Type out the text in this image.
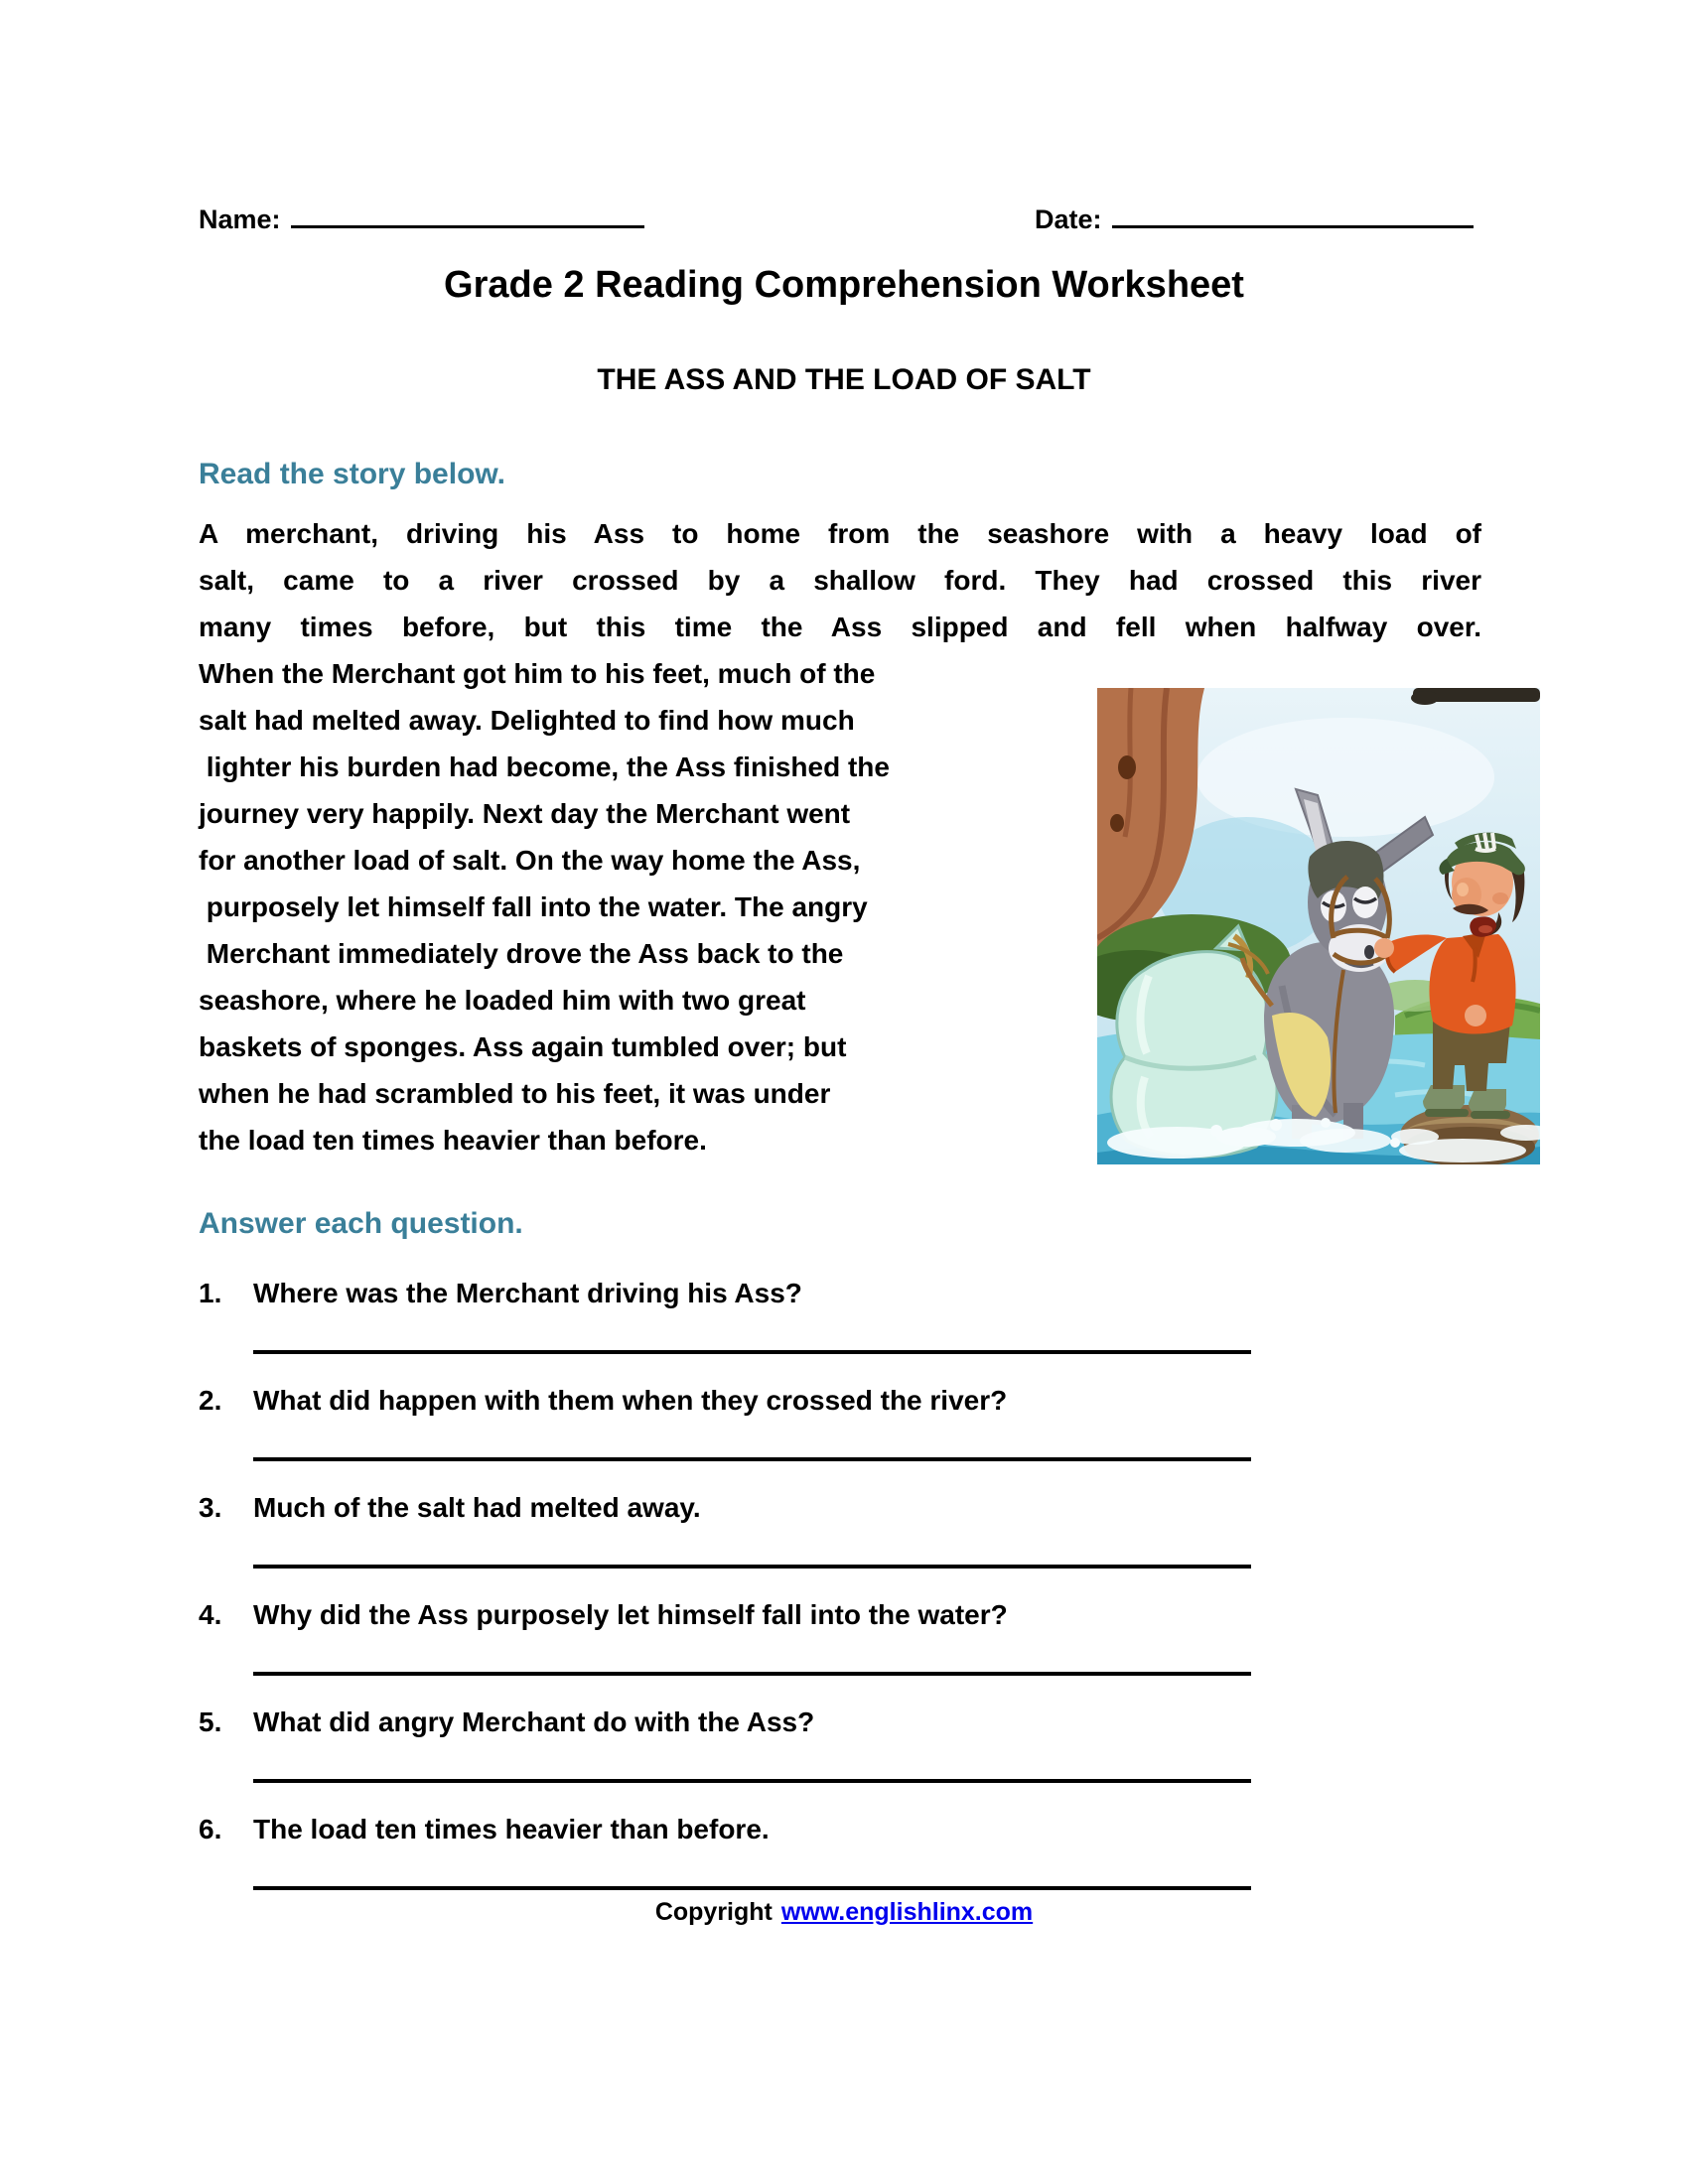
Name:	Date:
Grade 2 Reading Comprehension Worksheet
THE ASS AND THE LOAD OF SALT
Read the story below.
A merchant, driving his Ass to home from the seashore with a heavy load of
salt, came to a river crossed by a shallow ford. They had crossed this river
many times before, but this time the Ass slipped and fell when halfway over.
When the Merchant got him to his feet, much of the
salt had melted away. Delighted to find how much
lighter his burden had become, the Ass finished the
journey very happily. Next day the Merchant went
for another load of salt. On the way home the Ass,
purposely let himself fall into the water. The angry
Merchant immediately drove the Ass back to the
seashore, where he loaded him with two great
baskets of sponges. Ass again tumbled over; but
when he had scrambled to his feet, it was under
the load ten times heavier than before.
Answer each question.
1. Where was the Merchant driving his Ass?
2. What did happen with them when they crossed the river?
3. Much of the salt had melted away.
4. Why did the Ass purposely let himself fall into the water?
5. What did angry Merchant do with the Ass?
6. The load ten times heavier than before.
Copyright www.englishlinx.com
